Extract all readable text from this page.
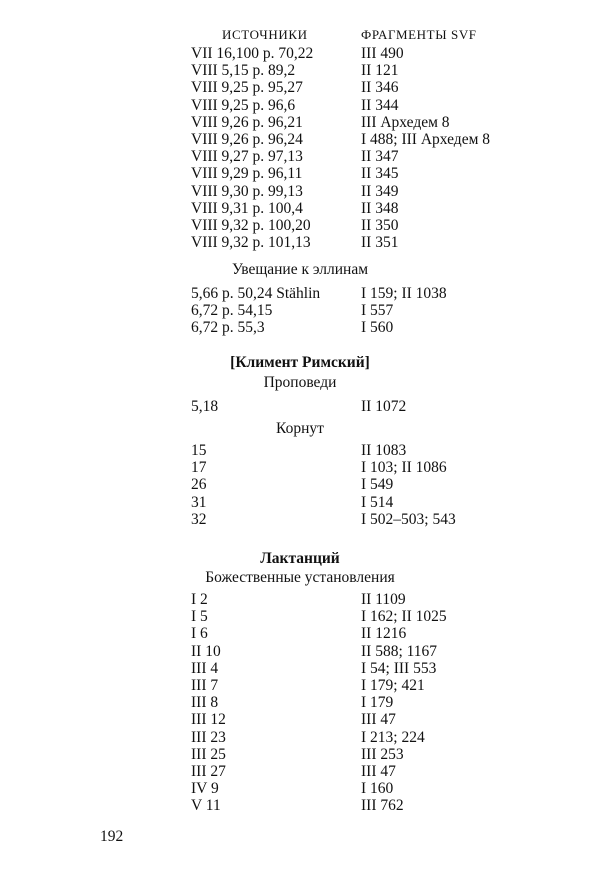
ИСТОЧНИКИ	ФРАГМЕНТЫ SVF
VII 16,100 p. 70,22	III 490
VIII 5,15 p. 89,2	II 121
VIII 9,25 p. 95,27	II 346
VIII 9,25 p. 96,6	II 344
VIII 9,26 p. 96,21	III Архедем 8
VIII 9,26 p. 96,24	I 488; III Архедем 8
VIII 9,27 p. 97,13	II 347
VIII 9,29 p. 96,11	II 345
VIII 9,30 p. 99,13	II 349
VIII 9,31 p. 100,4	II 348
VIII 9,32 p. 100,20	II 350
VIII 9,32 p. 101,13	II 351
Увещание к эллинам
5,66 p. 50,24 Stählin	I 159; II 1038
6,72 p. 54,15	I 557
6,72 p. 55,3	I 560
[Климент Римский]
Проповеди
5,18	II 1072
Корнут
15	II 1083
17	I 103; II 1086
26	I 549
31	I 514
32	I 502–503; 543
Лактанций
Божественные установления
I 2	II 1109
I 5	I 162; II 1025
I 6	II 1216
II 10	II 588; 1167
III 4	I 54; III 553
III 7	I 179; 421
III 8	I 179
III 12	III 47
III 23	I 213; 224
III 25	III 253
III 27	III 47
IV 9	I 160
V 11	III 762
192
